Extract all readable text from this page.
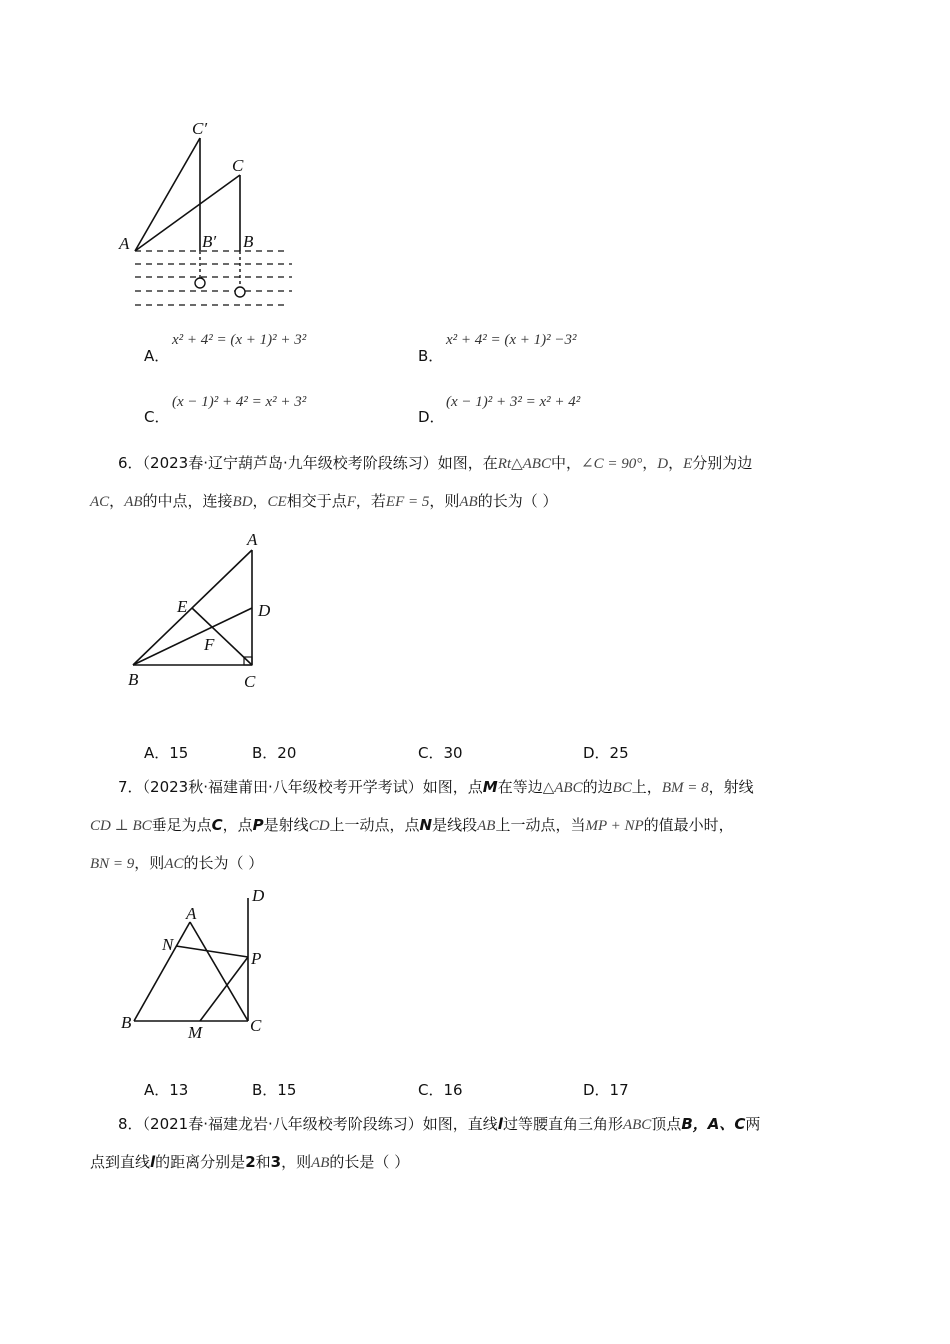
C′
C
A	B′ B
A．
x² + 4² = (x + 1)² + 3²
B．
x² + 4² = (x + 1)² −3²
C．
(x − 1)² + 4² = x² + 3²
D．
(x − 1)² + 3² = x² + 4²
6．（2023春·辽宁葫芦岛·九年级校考阶段练习）如图，在Rt△ABC中，∠C = 90°，D，E分别为边
AC，AB的中点，连接BD，CE相交于点F，若EF = 5，则AB的长为（ ）
A
E	D
F
B	C
A．15	B．20	C．30	D．25
7．（2023秋·福建莆田·八年级校考开学考试）如图，点M在等边△ABC的边BC上，BM = 8，射线
CD ⊥ BC垂足为点C，点P是射线CD上一动点，点N是线段AB上一动点，当MP + NP的值最小时，
BN = 9，则AC的长为（ ）
D
A
N
P
B
M	C
A．13	B．15	C．16	D．17
8．（2021春·福建龙岩·八年级校考阶段练习）如图，直线l过等腰直角三角形ABC顶点B，A、C两
点到直线l的距离分别是2和3，则AB的长是（ ）
